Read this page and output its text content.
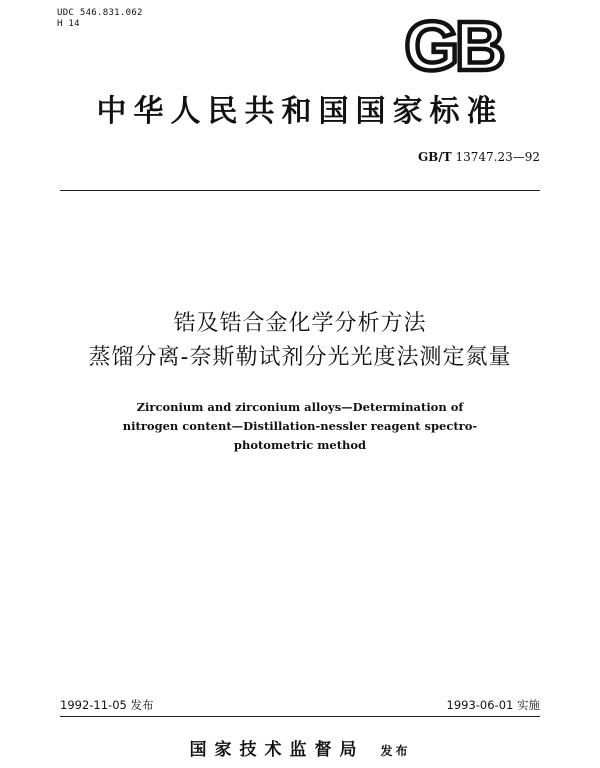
UDC 546.831.062
H 14	GB
中华人民共和国国家标准
GB/T 13747.23—92
锆及锆合金化学分析方法
蒸馏分离-奈斯勒试剂分光光度法测定氮量
Zirconium and zirconium alloys—Determination of
nitrogen content—Distillation-nessler reagent spectro-
photometric method
1992-11-05 发布	1993-06-01 实施
国家技术监督局 发布
